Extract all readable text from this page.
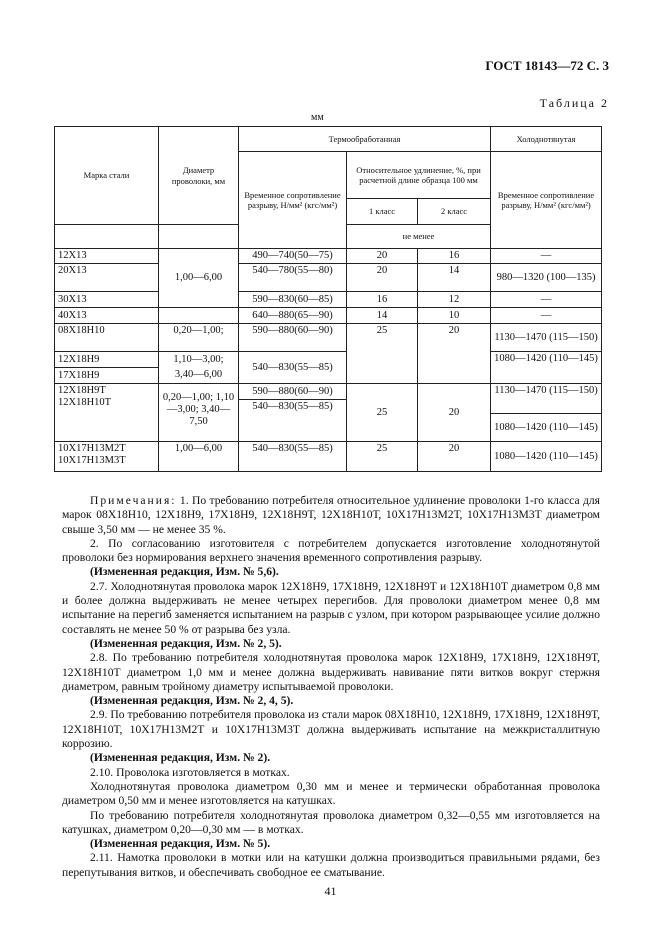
ГОСТ 18143—72 С. 3
Таблица 2
мм
Марка стали	Диаметр проволоки, мм	Термообработанная			Холоднотянутая
		Временное сопротивление разрыву, Н/мм² (кгс/мм²)	Относительное удлинение, %, при расчетной длине образца 100 мм		Временное сопротивление разрыву, Н/мм² (кгс/мм²)
			1 класс	2 класс	
			не менее		
12Х13	1,00—6,00	490—740(50—75)	20	16	—
20Х13		540—780(55—80)	20	14	980—1320 (100—135)
30Х13		590—830(60—85)	16	12	—
40Х13		640—880(65—90)	14	10	—
08Х18Н10	0,20—1,00;	590—880(60—90)	25	20	1130—1470 (115—150)
12Х18Н9	1,10—3,00;	540—830(55—85)			1080—1420 (110—145)
17Х18Н9	3,40—6,00				
12Х18Н9Т 12Х18Н10Т	0,20—1,00; 1,10—3,00; 3,40—7,50	590—880(60—90)	25	20	1130—1470 (115—150)
		540—830(55—85)			
					1080—1420 (110—145)
10Х17Н13М2Т 10Х17Н13М3Т	1,00—6,00	540—830(55—85)	25	20	1080—1420 (110—145)

Примечания: 1. По требованию потребителя относительное удлинение проволоки 1-го класса для марок 08Х18Н10, 12Х18Н9, 17Х18Н9, 12Х18Н9Т, 12Х18Н10Т, 10Х17Н13М2Т, 10Х17Н13М3Т диаметром свыше 3,50 мм — не менее 35 %.

2. По согласованию изготовителя с потребителем допускается изготовление холоднотянутой проволоки без нормирования верхнего значения временного сопротивления разрыву.

(Измененная редакция, Изм. № 5,6).

2.7. Холоднотянутая проволока марок 12Х18Н9, 17Х18Н9, 12Х18Н9Т и 12Х18Н10Т диаметром 0,8 мм и более должна выдерживать не менее четырех перегибов. Для проволоки диаметром менее 0,8 мм испытание на перегиб заменяется испытанием на разрыв с узлом, при котором разрывающее усилие должно составлять не менее 50 % от разрыва без узла.

(Измененная редакция, Изм. № 2, 5).

2.8. По требованию потребителя холоднотянутая проволока марок 12Х18Н9, 17Х18Н9, 12Х18Н9Т, 12Х18Н10Т диаметром 1,0 мм и менее должна выдерживать навивание пяти витков вокруг стержня диаметром, равным тройному диаметру испытываемой проволоки.

(Измененная редакция, Изм. № 2, 4, 5).

2.9. По требованию потребителя проволока из стали марок 08Х18Н10, 12Х18Н9, 17Х18Н9, 12Х18Н9Т, 12Х18Н10Т, 10Х17Н13М2Т и 10Х17Н13М3Т должна выдерживать испытание на межкристаллитную коррозию.

(Измененная редакция, Изм. № 2).

2.10. Проволока изготовляется в мотках.

Холоднотянутая проволока диаметром 0,30 мм и менее и термически обработанная проволока диаметром 0,50 мм и менее изготовляется на катушках.

По требованию потребителя холоднотянутая проволока диаметром 0,32—0,55 мм изготовляется на катушках, диаметром 0,20—0,30 мм — в мотках.

(Измененная редакция, Изм. № 5).

2.11. Намотка проволоки в мотки или на катушки должна производиться правильными рядами, без перепутывания витков, и обеспечивать свободное ее сматывание.

41
